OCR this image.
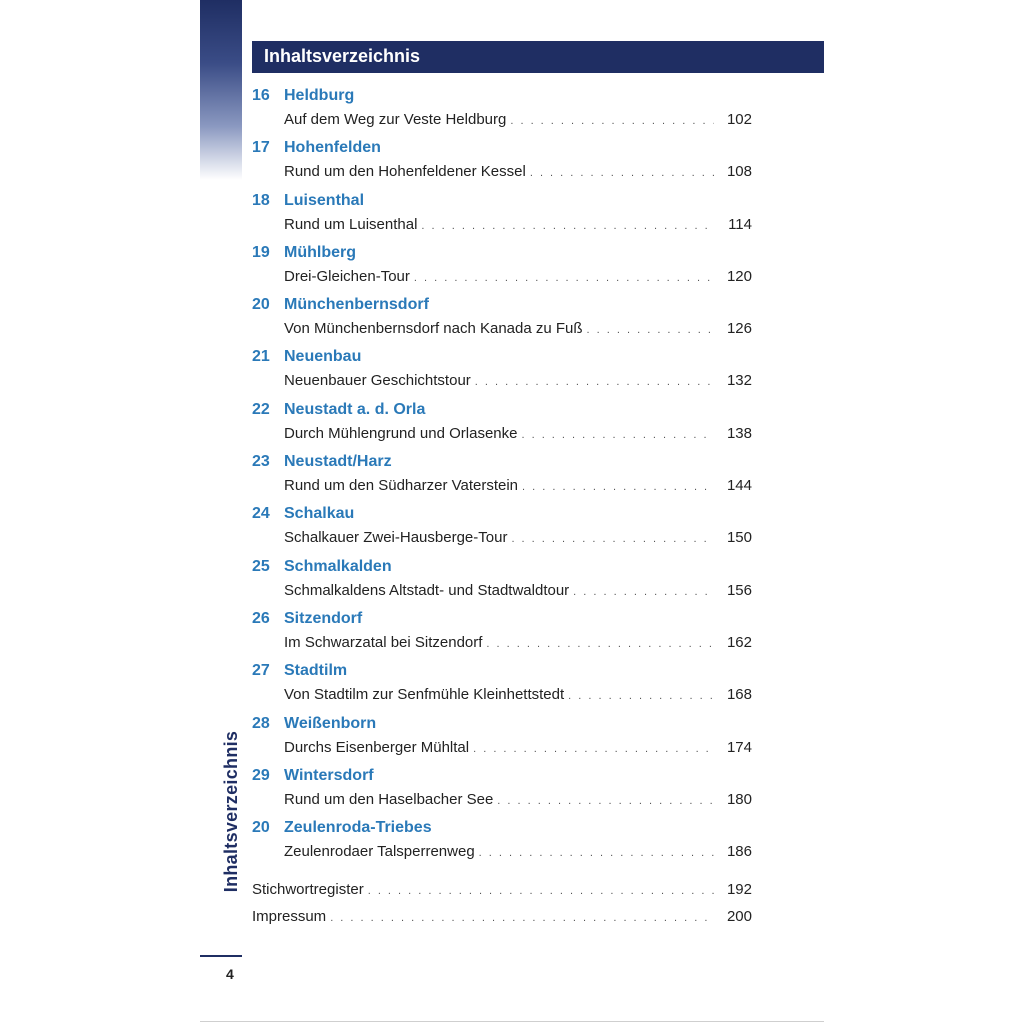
Inhaltsverzeichnis
4
Inhaltsverzeichnis
16 Heldburg
Auf dem Weg zur Veste Heldburg . . .	102
17 Hohenfelden
Rund um den Hohenfeldener Kessel . . .	108
18 Luisenthal
Rund um Luisenthal . . .	114
19 Mühlberg
Drei-Gleichen-Tour . . .	120
20 Münchenbernsdorf
Von Münchenbernsdorf nach Kanada zu Fuß . . .	126
21 Neuenbau
Neuenbauer Geschichtstour . . .	132
22 Neustadt a. d. Orla
Durch Mühlengrund und Orlasenke . . .	138
23 Neustadt/Harz
Rund um den Südharzer Vaterstein . . .	144
24 Schalkau
Schalkauer Zwei-Hausberge-Tour . . .	150
25 Schmalkalden
Schmalkaldens Altstadt- und Stadtwaldtour . . .	156
26 Sitzendorf
Im Schwarzatal bei Sitzendorf . . .	162
27 Stadtilm
Von Stadtilm zur Senfmühle Kleinhettstedt . . .	168
28 Weißenborn
Durchs Eisenberger Mühltal . . .	174
29 Wintersdorf
Rund um den Haselbacher See . . .	180
20 Zeulenroda-Triebes
Zeulenrodaer Talsperrenweg . . .	186
Stichwortregister . . .	192
Impressum . . .	200
